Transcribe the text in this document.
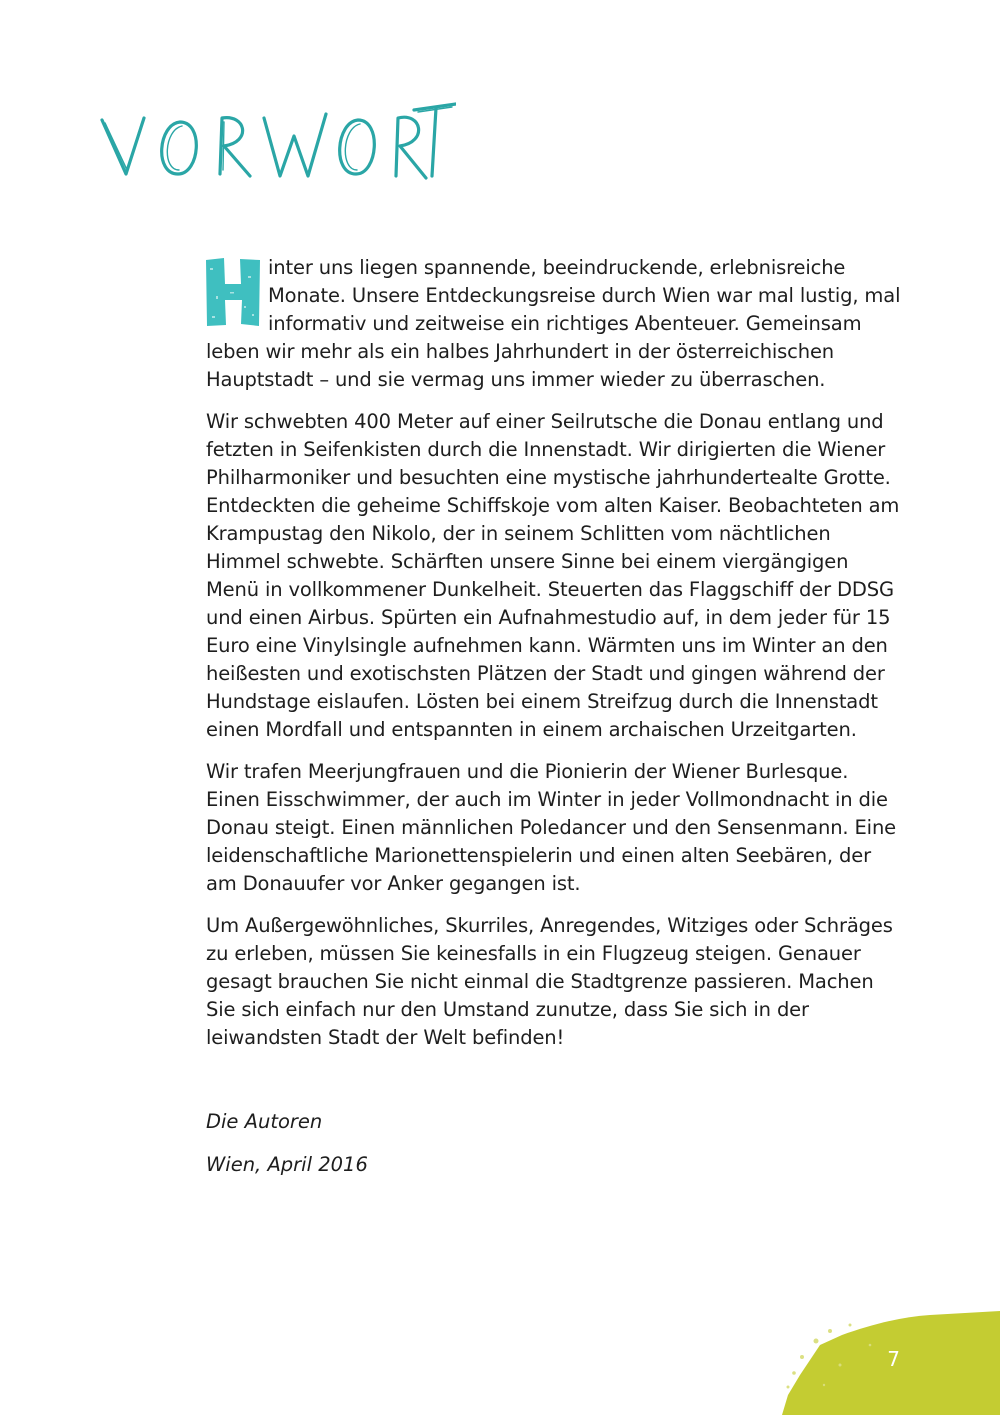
inter uns liegen spannende, beeindruckende, erlebnisreiche Monate. Unsere Entdeckungsreise durch Wien war mal lustig, mal informativ und zeitweise ein richtiges Abenteuer. Gemeinsam leben wir mehr als ein halbes Jahrhundert in der österreichischen Hauptstadt – und sie vermag uns immer wieder zu überraschen.

Wir schwebten 400 Meter auf einer Seilrutsche die Donau entlang und fetzten in Seifenkisten durch die Innenstadt. Wir dirigierten die Wiener Philharmoniker und besuchten eine mystische jahrhundertealte Grotte. Entdeckten die geheime Schiffskoje vom alten Kaiser. Beobachteten am Krampustag den Nikolo, der in seinem Schlitten vom nächtlichen Himmel schwebte. Schärften unsere Sinne bei einem viergängigen Menü in vollkommener Dunkelheit. Steuerten das Flaggschiff der DDSG und einen Airbus. Spürten ein Aufnahmestudio auf, in dem jeder für 15 Euro eine Vinylsingle aufnehmen kann. Wärmten uns im Winter an den heißesten und exotischsten Plätzen der Stadt und gingen während der Hundstage eislaufen. Lösten bei einem Streifzug durch die Innenstadt einen Mordfall und entspannten in einem archaischen Urzeitgarten.

Wir trafen Meerjungfrauen und die Pionierin der Wiener Burlesque. Einen Eisschwimmer, der auch im Winter in jeder Vollmondnacht in die Donau steigt. Einen männlichen Poledancer und den Sensenmann. Eine leidenschaftliche Marionettenspielerin und einen alten Seebären, der am Donauufer vor Anker gegangen ist.

Um Außergewöhnliches, Skurriles, Anregendes, Witziges oder Schräges zu erleben, müssen Sie keinesfalls in ein Flugzeug steigen. Genauer gesagt brauchen Sie nicht einmal die Stadtgrenze passieren. Machen Sie sich einfach nur den Umstand zunutze, dass Sie sich in der leiwandsten Stadt der Welt befinden!

Die Autoren
Wien, April 2016
7
